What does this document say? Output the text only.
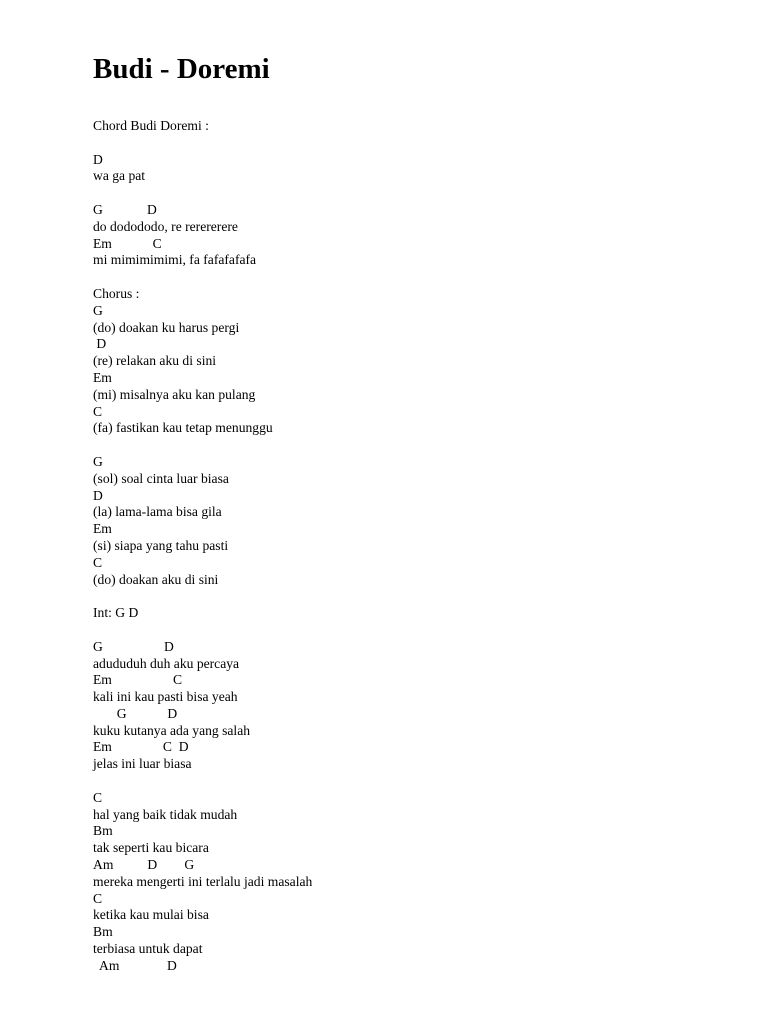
Budi - Doremi
Chord Budi Doremi :
D
wa ga pat
G             D
do dodododo, re rerererere
Em            C
mi mimimimimi, fa fafafafafa
Chorus :
G
(do) doakan ku harus pergi
D
(re) relakan aku di sini
Em
(mi) misalnya aku kan pulang
C
(fa) fastikan kau tetap menunggu
G
(sol) soal cinta luar biasa
D
(la) lama-lama bisa gila
Em
(si) siapa yang tahu pasti
C
(do) doakan aku di sini
Int: G D
G                  D
adududuh duh aku percaya
Em                  C
kali ini kau pasti bisa yeah
G            D
kuku kutanya ada yang salah
Em               C  D
jelas ini luar biasa
C
hal yang baik tidak mudah
Bm
tak seperti kau bicara
Am          D        G
mereka mengerti ini terlalu jadi masalah
C
ketika kau mulai bisa
Bm
terbiasa untuk dapat
Am              D
